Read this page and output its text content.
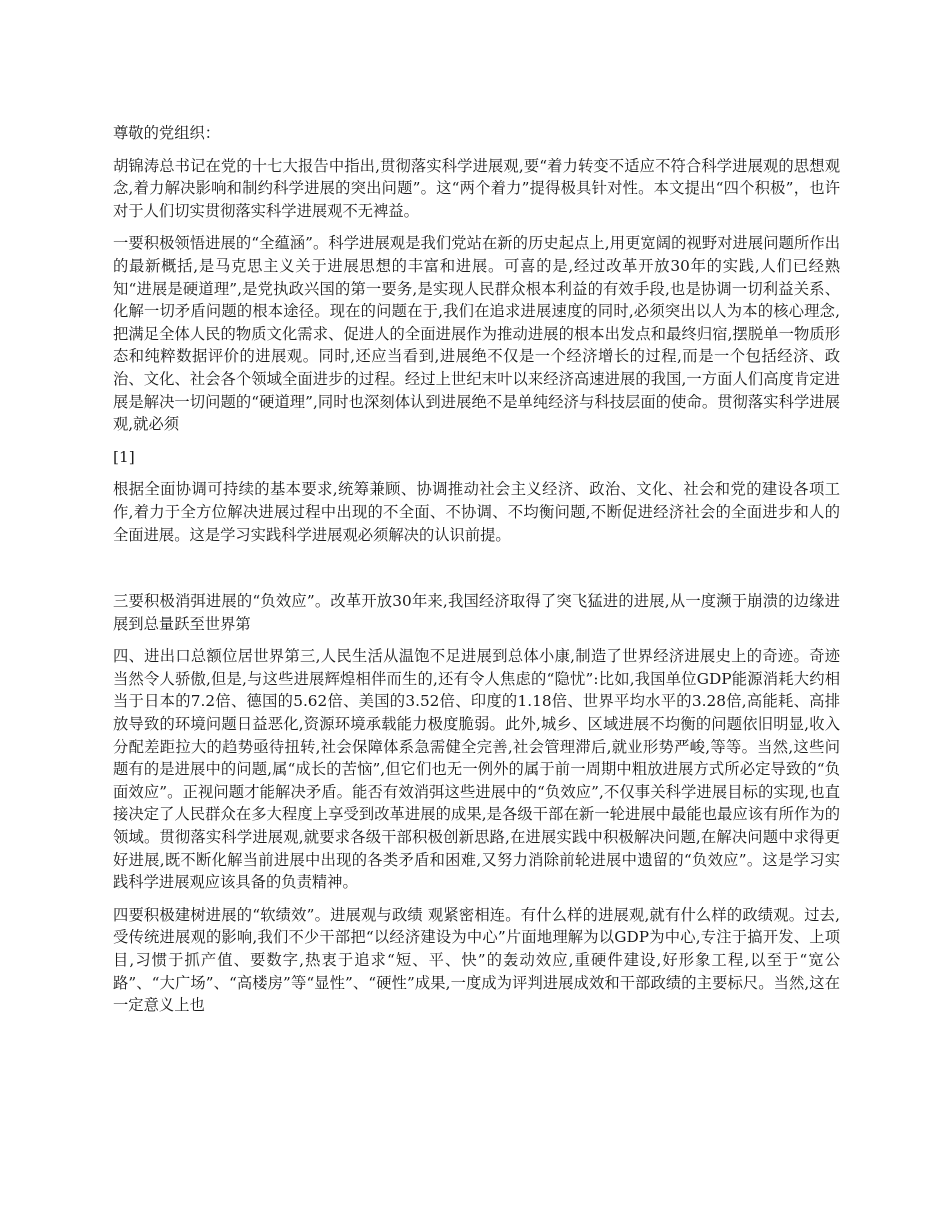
尊敬的党组织：

胡锦涛总书记在党的十七大报告中指出,贯彻落实科学进展观,要“着力转变不适应不符合科学进展观的思想观念,着力解决影响和制约科学进展的突出问题”。这“两个着力”提得极具针对性。本文提出“四个积极”，也许对于人们切实贯彻落实科学进展观不无裨益。

一要积极领悟进展的“全蕴涵”。科学进展观是我们党站在新的历史起点上,用更宽阔的视野对进展问题所作出的最新概括,是马克思主义关于进展思想的丰富和进展。可喜的是,经过改革开放30年的实践,人们已经熟知“进展是硬道理”,是党执政兴国的第一要务,是实现人民群众根本利益的有效手段,也是协调一切利益关系、化解一切矛盾问题的根本途径。现在的问题在于,我们在追求进展速度的同时,必须突出以人为本的核心理念,把满足全体人民的物质文化需求、促进人的全面进展作为推动进展的根本出发点和最终归宿,摆脱单一物质形态和纯粹数据评价的进展观。同时,还应当看到,进展绝不仅是一个经济增长的过程,而是一个包括经济、政治、文化、社会各个领域全面进步的过程。经过上世纪末叶以来经济高速进展的我国,一方面人们高度肯定进展是解决一切问题的“硬道理”,同时也深刻体认到进展绝不是单纯经济与科技层面的使命。贯彻落实科学进展观,就必须

[1]

根据全面协调可持续的基本要求,统筹兼顾、协调推动社会主义经济、政治、文化、社会和党的建设各项工作,着力于全方位解决进展过程中出现的不全面、不协调、不均衡问题,不断促进经济社会的全面进步和人的全面进展。这是学习实践科学进展观必须解决的认识前提。

三要积极消弭进展的“负效应”。改革开放30年来,我国经济取得了突飞猛进的进展,从一度濒于崩溃的边缘进展到总量跃至世界第

四、进出口总额位居世界第三,人民生活从温饱不足进展到总体小康,制造了世界经济进展史上的奇迹。奇迹当然令人骄傲,但是,与这些进展辉煌相伴而生的,还有令人焦虑的“隐忧”:比如,我国单位GDP能源消耗大约相当于日本的7.2倍、德国的5.62倍、美国的3.52倍、印度的1.18倍、世界平均水平的3.28倍,高能耗、高排放导致的环境问题日益恶化,资源环境承载能力极度脆弱。此外,城乡、区域进展不均衡的问题依旧明显,收入分配差距拉大的趋势亟待扭转,社会保障体系急需健全完善,社会管理滞后,就业形势严峻,等等。当然,这些问题有的是进展中的问题,属“成长的苦恼”,但它们也无一例外的属于前一周期中粗放进展方式所必定导致的“负面效应”。正视问题才能解决矛盾。能否有效消弭这些进展中的“负效应”,不仅事关科学进展目标的实现,也直接决定了人民群众在多大程度上享受到改革进展的成果,是各级干部在新一轮进展中最能也最应该有所作为的领域。贯彻落实科学进展观,就要求各级干部积极创新思路,在进展实践中积极解决问题,在解决问题中求得更好进展,既不断化解当前进展中出现的各类矛盾和困难,又努力消除前轮进展中遗留的“负效应”。这是学习实践科学进展观应该具备的负责精神。

四要积极建树进展的“软绩效”。进展观与政绩 观紧密相连。有什么样的进展观,就有什么样的政绩观。过去,受传统进展观的影响,我们不少干部把“以经济建设为中心”片面地理解为以GDP为中心,专注于搞开发、上项目,习惯于抓产值、要数字,热衷于追求“短、平、快”的轰动效应,重硬件建设,好形象工程,以至于“宽公路”、“大广场”、“高楼房”等“显性”、“硬性”成果,一度成为评判进展成效和干部政绩的主要标尺。当然,这在一定意义上也
